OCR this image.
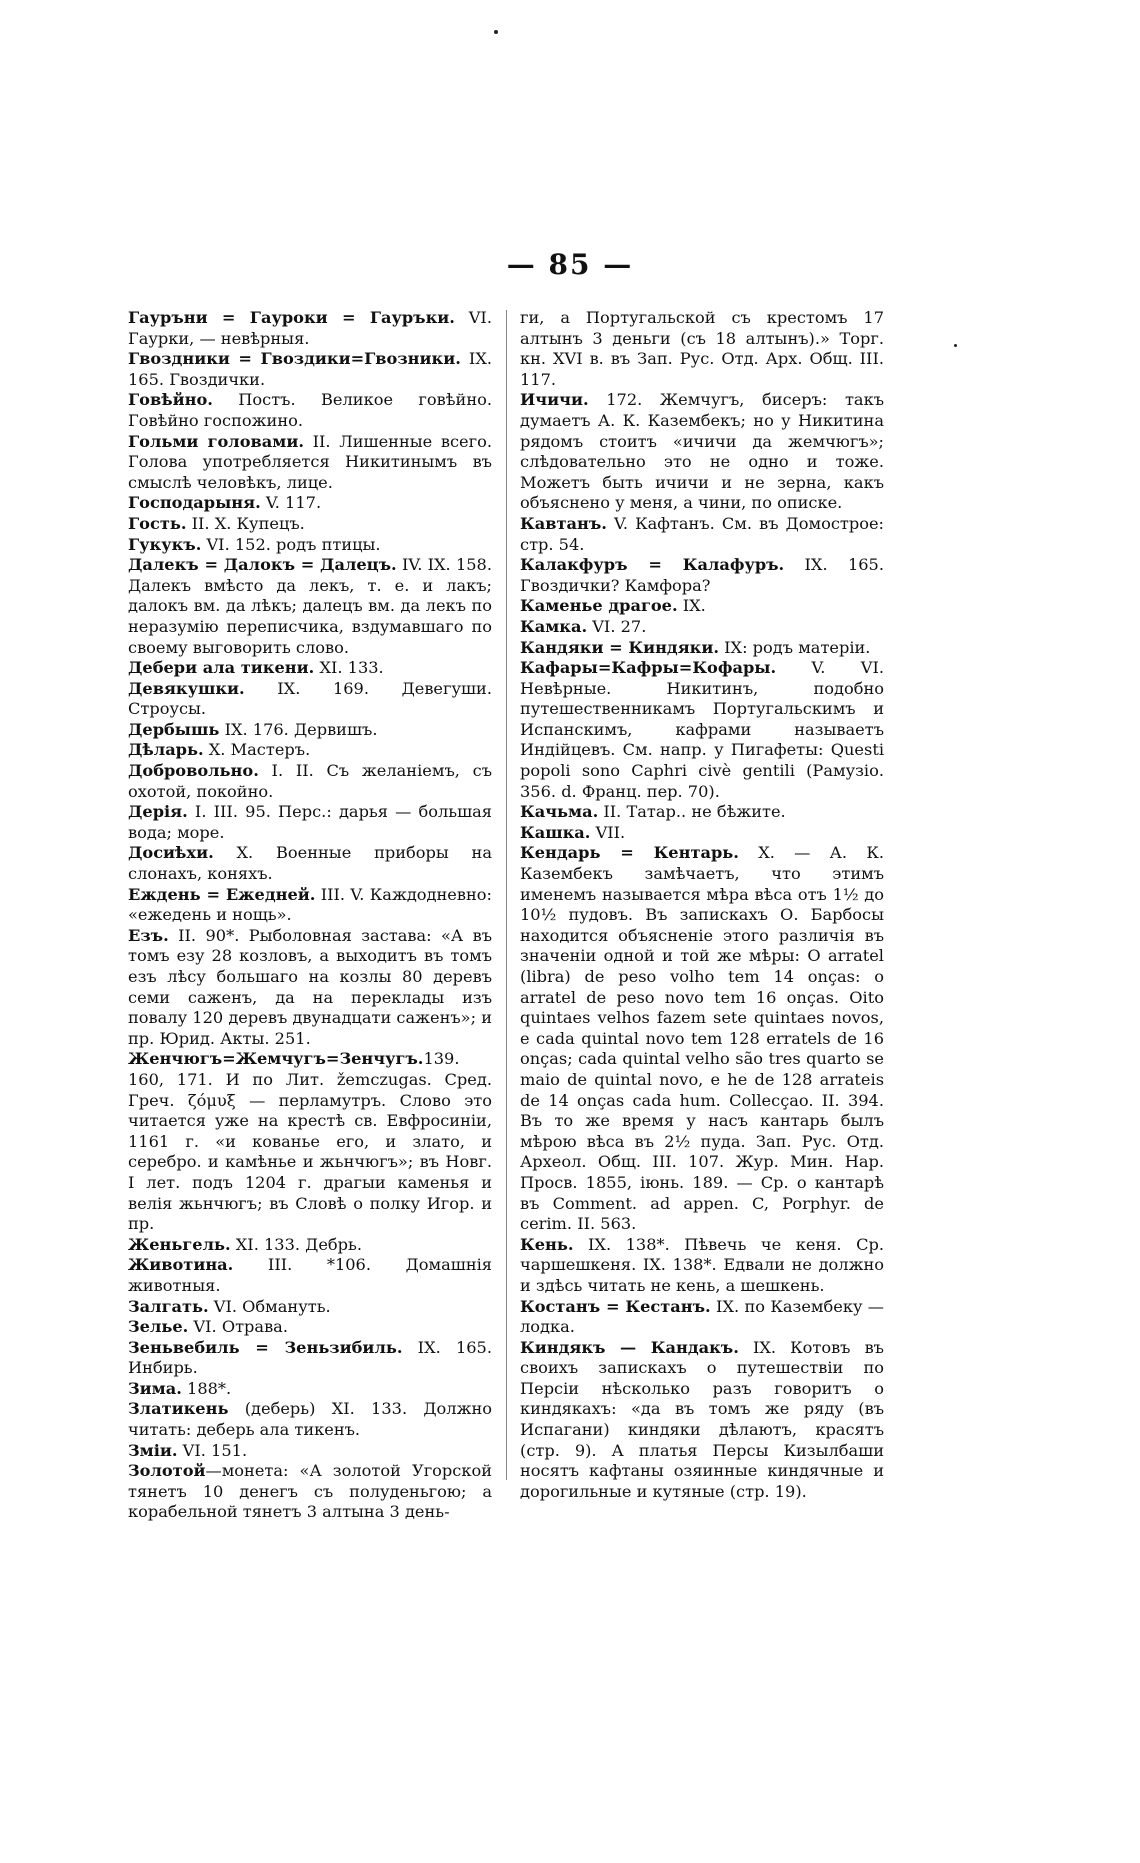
— 85 —

Гауръни = Гауроки = Гауръки. VI. Гаурки, — невѣрныя.

Гвоздники = Гвоздики=Гвозники. IX. 165. Гвоздички.

Говѣйно. Постъ. Великое говѣйно. Говѣйно госпожино.

Гольми головами. II. Лишенные всего. Голова употребляется Никитинымъ въ смыслѣ человѣкъ, лице.

Господарыня. V. 117.

Гость. II. X. Купецъ.

Гукукъ. VI. 152. родъ птицы.

Далекъ = Далокъ = Далецъ. IV. IX. 158. Далекъ вмѣсто да лекъ, т. е. и лакъ; далокъ вм. да лѣкъ; далецъ вм. да лекъ по неразумію переписчика, вздумавшаго по своему выговорить слово.

Дебери ала тикени. XI. 133.

Девякушки. IX. 169. Девегуши. Строусы.

Дербышь IX. 176. Дервишъ.

Дѣларь. X. Мастеръ.

Добровольно. I. II. Съ желаніемъ, съ охотой, покойно.

Дерія. I. III. 95. Перс.: дарья — большая вода; море.

Досиѣхи. X. Военные приборы на слонахъ, коняхъ.

Еждень = Ежедней. III. V. Каждодневно: «ежедень и нощь».

Езъ. II. 90*. Рыболовная застава: «А въ томъ езу 28 козловъ, а выходитъ въ томъ езъ лѣсу большаго на козлы 80 деревъ семи саженъ, да на переклады изъ повалу 120 деревъ двунадцати саженъ»; и пр. Юрид. Акты. 251.

Женчюгъ=Жемчугъ=Зенчугъ.139. 160, 171. И по Лит. žemczugas. Сред. Греч. ζόμυξ — перламутръ. Слово это читается уже на крестѣ св. Евфросиніи, 1161 г. «и кованье его, и злато, и серебро. и камѣнье и жьнчюгъ»; въ Новг. I лет. подъ 1204 г. драгыи каменья и велія жьнчюгъ; въ Словѣ о полку Игор. и пр.

Женьгель. XI. 133. Дебрь.

Животина. III. *106. Домашнія животныя.

Залгать. VI. Обмануть.

Зелье. VI. Отрава.

Зеньвебиль = Зеньзибиль. IX. 165. Инбирь.

Зима. 188*.

Златикень (деберь) XI. 133. Должно читать: деберь ала тикенъ.

Зміи. VI. 151.

Золотой—монета: «А золотой Угорской тянетъ 10 денегъ съ полуденьгою; а корабельной тянетъ 3 алтына 3 день-

ги, а Португальской съ крестомъ 17 алтынъ 3 деньги (съ 18 алтынъ).» Торг. кн. XVI в. въ Зап. Рус. Отд. Арх. Общ. III. 117.

Ичичи. 172. Жемчугъ, бисеръ: такъ думаетъ А. К. Казембекъ; но у Никитина рядомъ стоитъ «ичичи да жемчюгъ»; слѣдовательно это не одно и тоже. Можетъ быть ичичи и не зерна, какъ объяснено у меня, а чини, по описке.

Кавтанъ. V. Кафтанъ. См. въ Домострое: стр. 54.

Калакфуръ = Калафуръ. IX. 165. Гвоздички? Камфора?

Каменье драгое. IX.

Камка. VI. 27.

Кандяки = Киндяки. IX: родъ матеріи.

Кафары=Кафры=Кофары. V. VI. Невѣрные. Никитинъ, подобно путешественникамъ Португальскимъ и Испанскимъ, кафрами называетъ Индійцевъ. См. напр. у Пигафеты: Questi popoli sono Caphri civè gentili (Рамузіо. 356. d. Франц. пер. 70).

Качьма. II. Татар.. не бѣжите.

Кашка. VII.

Кендарь = Кентарь. X. — А. К. Казембекъ замѣчаетъ, что этимъ именемъ называется мѣра вѣса отъ 1½ до 10½ пудовъ. Въ запискахъ О. Барбосы находится объясненіе этого различія въ значеніи одной и той же мѣры: O arratel (libra) de peso volho tem 14 onças: o arratel de peso novo tem 16 onças. Oito quintaes velhos fazem sete quintaes novos, e cada quintal novo tem 128 erratels de 16 onças; cada quintal velho são tres quarto se maio de quintal novo, e he de 128 arrateis de 14 onças cada hum. Collecçao. II. 394. Въ то же время у насъ кантарь былъ мѣрою вѣса въ 2½ пуда. Зап. Рус. Отд. Археол. Общ. III. 107. Жур. Мин. Нар. Просв. 1855, іюнь. 189. — Ср. о кантарѣ въ Comment. ad appen. C, Porphyr. de cerim. II. 563.

Кень. IX. 138*. Пѣвечь че кеня. Ср. чаршешкеня. IX. 138*. Едвали не должно и здѣсь читать не кень, а шешкень.

Костанъ = Кестанъ. IX. по Казембеку — лодка.

Киндякъ — Кандакъ. IX. Котовъ въ своихъ запискахъ о путешествіи по Персіи нѣсколько разъ говоритъ о киндякахъ: «да въ томъ же ряду (въ Испагани) киндяки дѣлаютъ, красятъ (стр. 9). А платья Персы Кизылбаши носятъ кафтаны озяинные киндячные и дорогильные и кутяные (стр. 19).
